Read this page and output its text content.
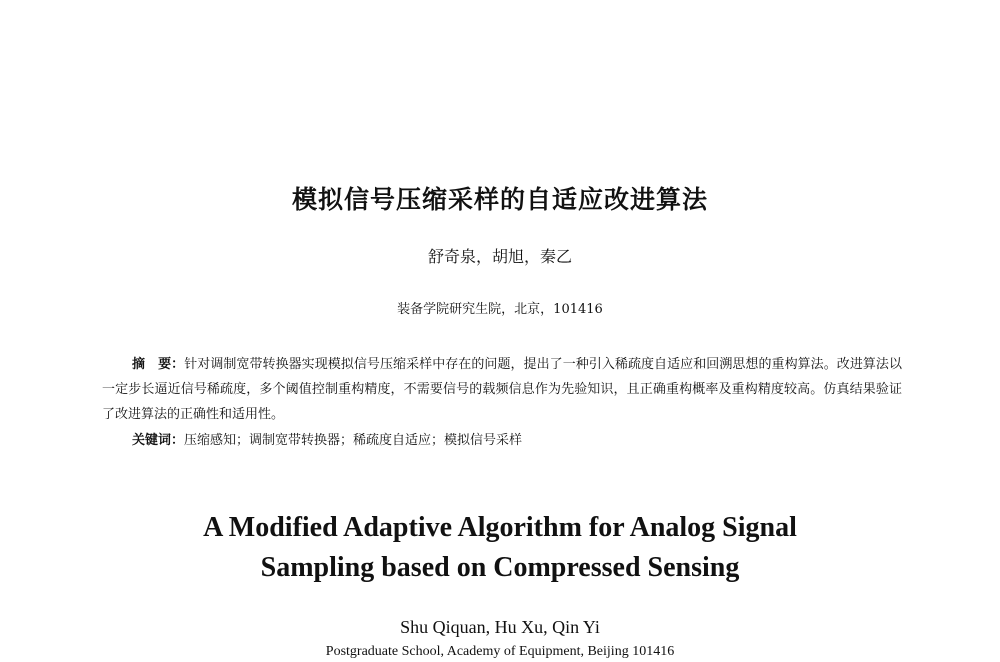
模拟信号压缩采样的自适应改进算法
舒奇泉，胡旭，秦乙
装备学院研究生院，北京，101416
摘　要：针对调制宽带转换器实现模拟信号压缩采样中存在的问题，提出了一种引入稀疏度自适应和回溯思想的重构算法。改进算法以一定步长逼近信号稀疏度，多个阈值控制重构精度，不需要信号的载频信息作为先验知识，且正确重构概率及重构精度较高。仿真结果验证了改进算法的正确性和适用性。
关键词：压缩感知；调制宽带转换器；稀疏度自适应；模拟信号采样
A Modified Adaptive Algorithm for Analog Signal
Sampling based on Compressed Sensing
Shu Qiquan, Hu Xu, Qin Yi
Postgraduate School, Academy of Equipment, Beijing 101416
